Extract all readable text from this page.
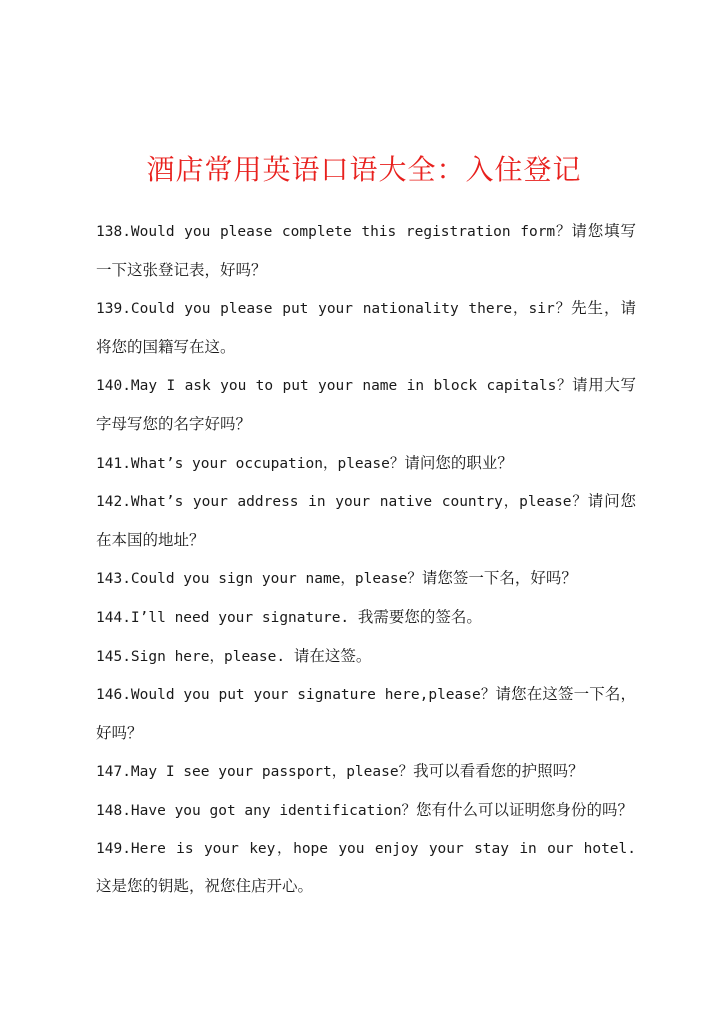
酒店常用英语口语大全：入住登记

138.Would you please complete this registration form？请您填写一下这张登记表，好吗？

139.Could you please put your nationality there，sir？先生，请将您的国籍写在这。

140.May I ask you to put your name in block capitals？请用大写字母写您的名字好吗？

141.What’s your occupation，please？请问您的职业？

142.What’s your address in your native country，please？请问您在本国的地址？

143.Could you sign your name，please？请您签一下名，好吗？

144.I’ll need your signature. 我需要您的签名。

145.Sign here，please. 请在这签。

146.Would you put your signature here,please？请您在这签一下名，好吗？

147.May I see your passport，please？我可以看看您的护照吗？

148.Have you got any identification？您有什么可以证明您身份的吗？

149.Here is your key，hope you enjoy your stay in our hotel. 这是您的钥匙，祝您住店开心。
